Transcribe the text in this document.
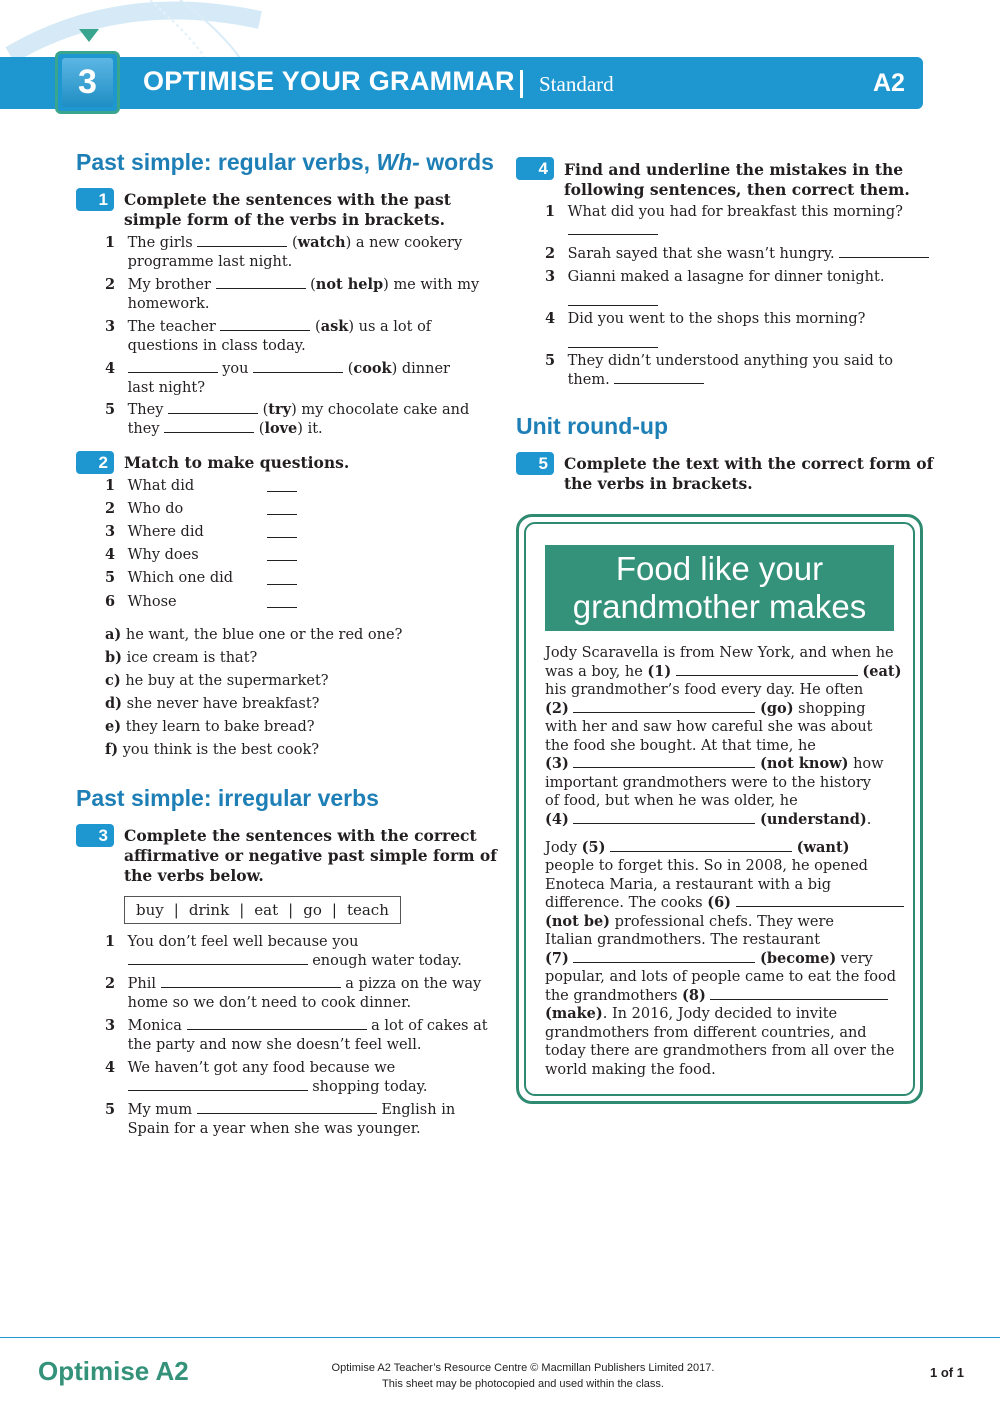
3	OPTIMISE YOUR GRAMMAR Standard	A2
Past simple: regular verbs, Wh- words
1	Complete the sentences with the past
simple form of the verbs in brackets.
1 The girls	(watch) a new cookery
programme last night.
2 My brother	(not help) me with my
homework.
3 The teacher	(ask) us a lot of
questions in class today.
4	you	(cook) dinner
last night?
5 They	(try) my chocolate cake and
they	(love) it.
2	Match to make questions.
1 What did
2 Who do
3 Where did
4 Why does
5 Which one did
6 Whose
a) he want, the blue one or the red one?
b) ice cream is that?
c) he buy at the supermarket?
d) she never have breakfast?
e) they learn to bake bread?
f) you think is the best cook?
Past simple: irregular verbs
3	Complete the sentences with the correct
affirmative or negative past simple form of
the verbs below.
buy | drink | eat | go | teach
1 You don’t feel well because you
enough water today.
2 Phil	a pizza on the way
home so we don’t need to cook dinner.
3 Monica	a lot of cakes at
the party and now she doesn’t feel well.
4 We haven’t got any food because we
shopping today.
5 My mum	English in
Spain for a year when she was younger.
4	Find and underline the mistakes in the
following sentences, then correct them.
1 What did you had for breakfast this morning?

2 Sarah sayed that she wasn’t hungry.
3 Gianni maked a lasagne for dinner tonight.

4 Did you went to the shops this morning?

5 They didn’t understood anything you said to
them.
Unit round-up
5	Complete the text with the correct form of
the verbs in brackets.
Food like your
grandmother makes
Jody Scaravella is from New York, and when he
was a boy, he (1)	(eat)
his grandmother’s food every day. He often
(2)	(go) shopping
with her and saw how careful she was about
the food she bought. At that time, he
(3)	(not know) how
important grandmothers were to the history
of food, but when he was older, he
(4)	(understand).
Jody (5)	(want)
people to forget this. So in 2008, he opened
Enoteca Maria, a restaurant with a big
difference. The cooks (6)
(not be) professional chefs. They were
Italian grandmothers. The restaurant
(7)	(become) very
popular, and lots of people came to eat the food
the grandmothers (8)
(make). In 2016, Jody decided to invite
grandmothers from different countries, and
today there are grandmothers from all over the
world making the food.
Optimise A2	Optimise A2 Teacher’s Resource Centre © Macmillan Publishers Limited 2017.
This sheet may be photocopied and used within the class.
1 of 1
